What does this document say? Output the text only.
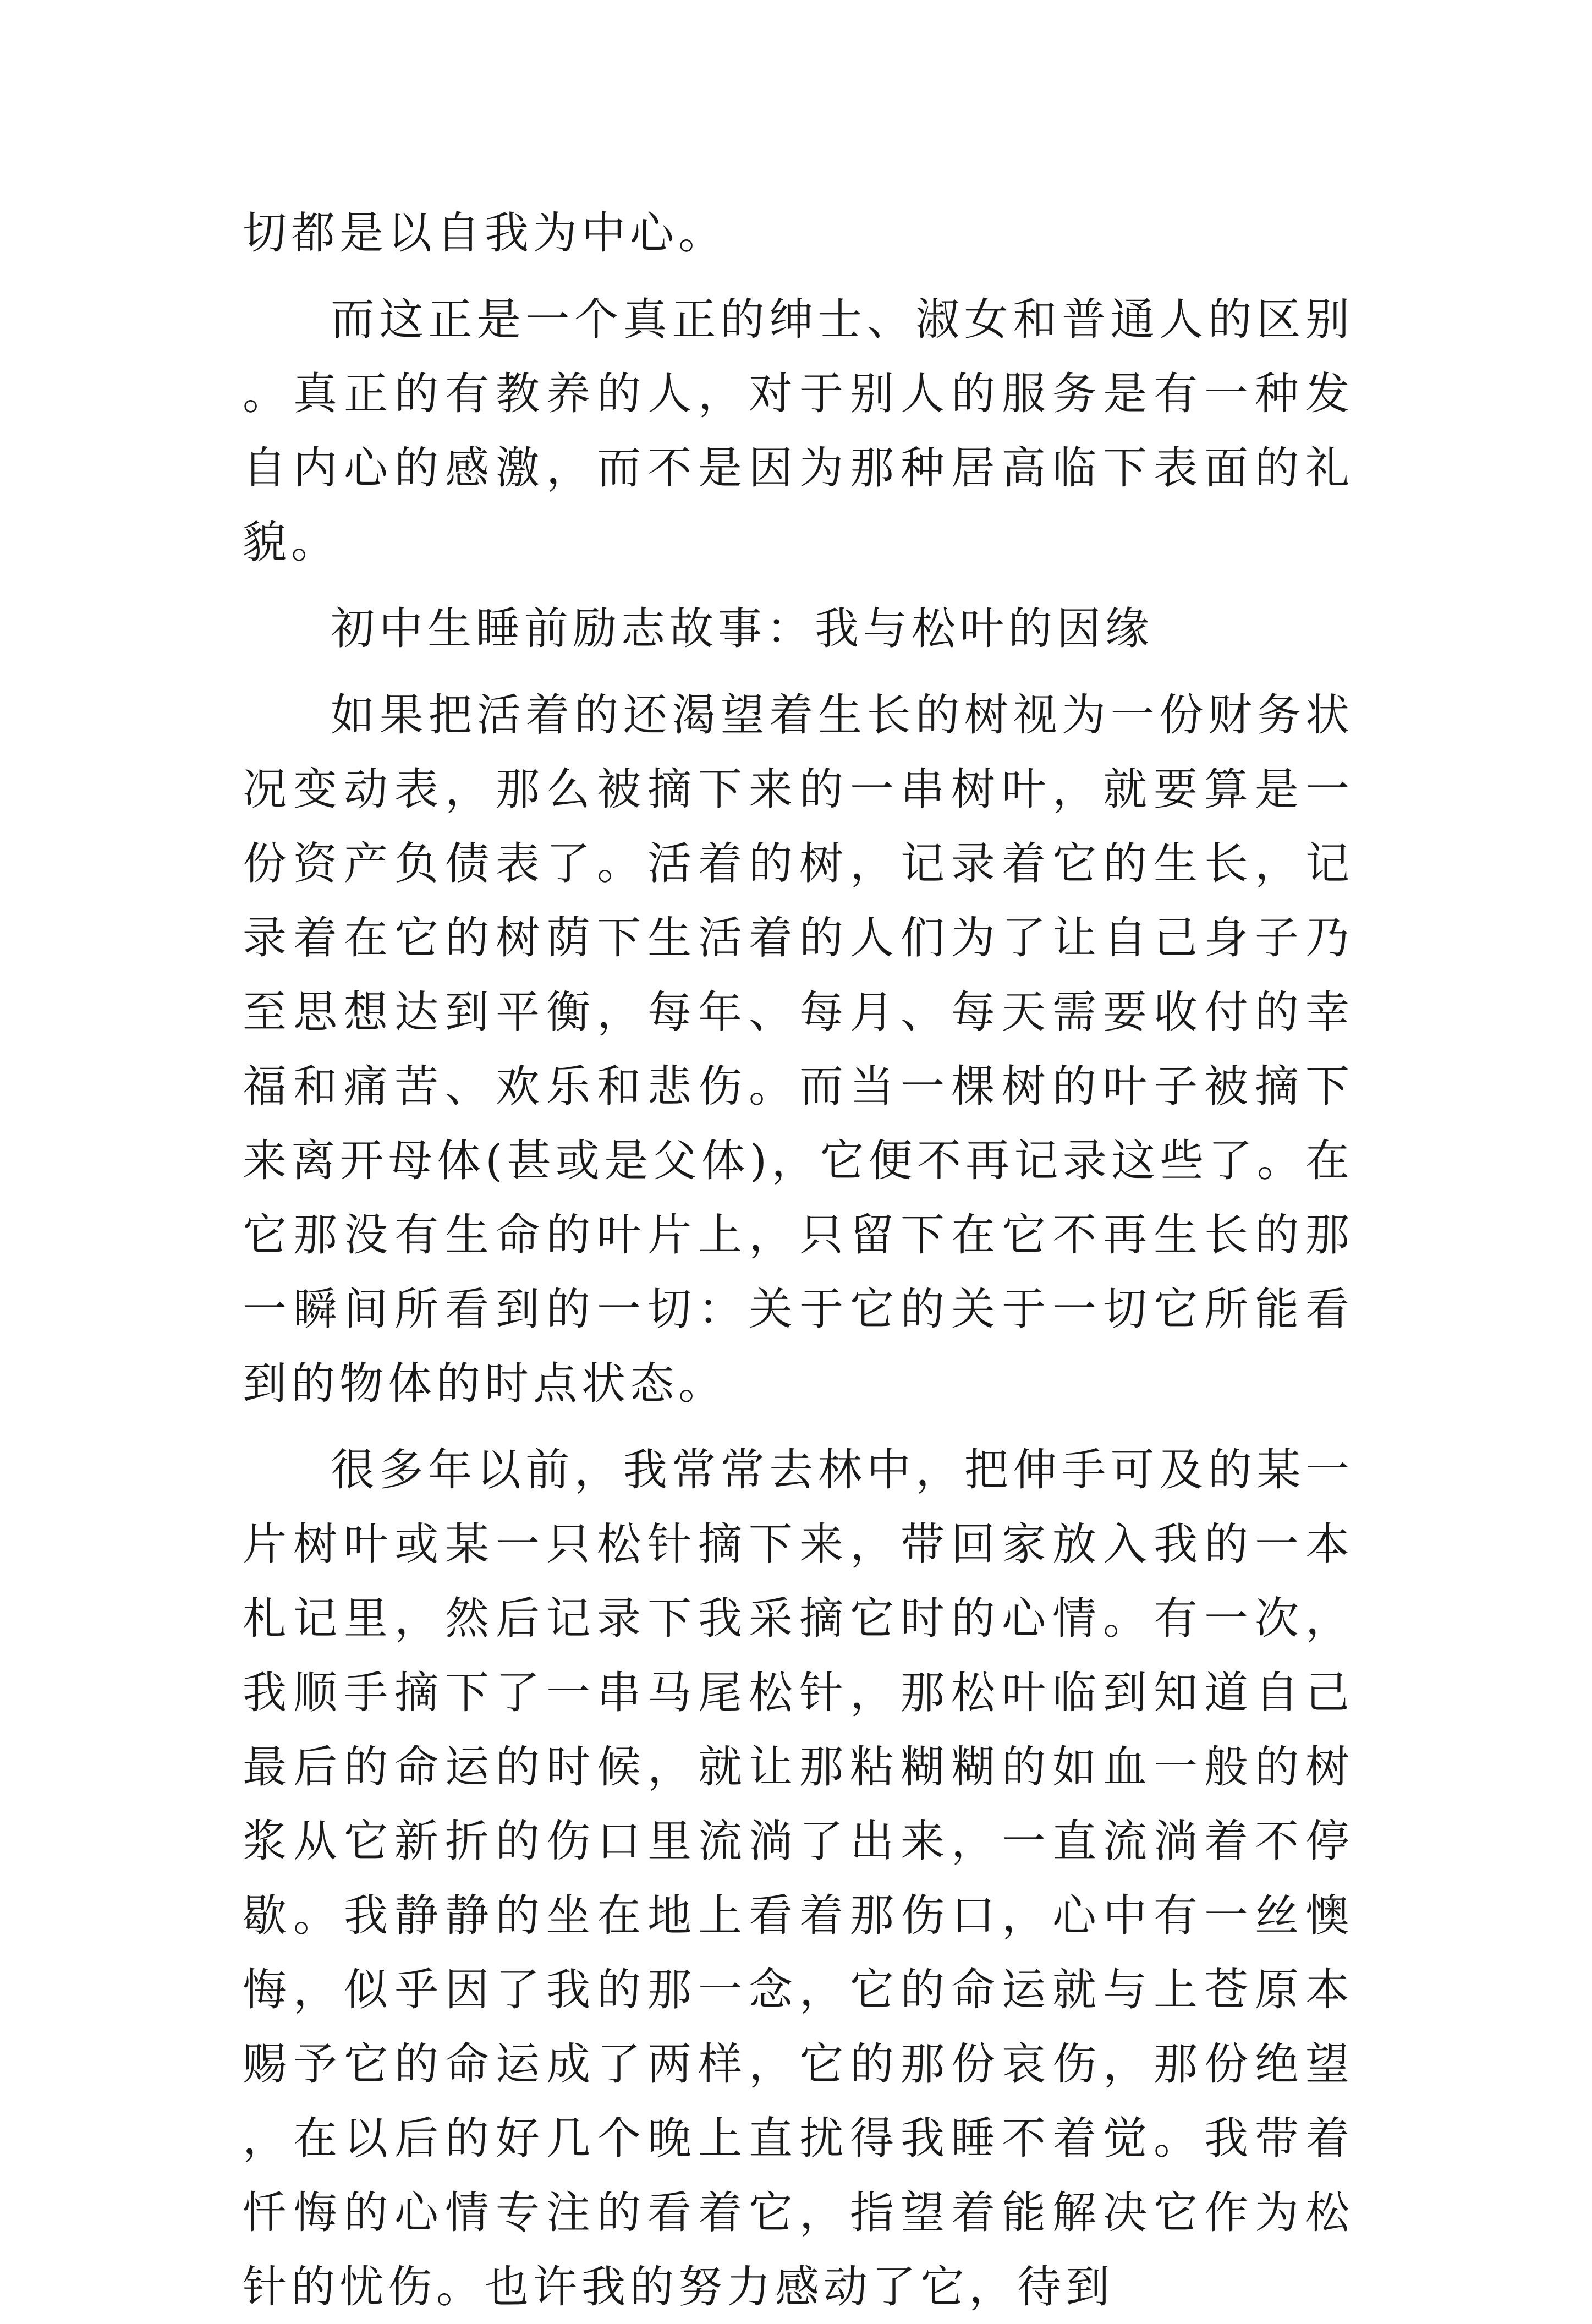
切都是以自我为中心。

而这正是一个真正的绅士、淑女和普通人的区别。真正的有教养的人，对于别人的服务是有一种发自内心的感激，而不是因为那种居高临下表面的礼貌。

初中生睡前励志故事：我与松叶的因缘

如果把活着的还渴望着生长的树视为一份财务状况变动表，那么被摘下来的一串树叶，就要算是一份资产负债表了。活着的树，记录着它的生长，记录着在它的树荫下生活着的人们为了让自己身子乃至思想达到平衡，每年、每月、每天需要收付的幸福和痛苦、欢乐和悲伤。而当一棵树的叶子被摘下来离开母体(甚或是父体)，它便不再记录这些了。在它那没有生命的叶片上，只留下在它不再生长的那一瞬间所看到的一切：关于它的关于一切它所能看到的物体的时点状态。

很多年以前，我常常去林中，把伸手可及的某一片树叶或某一只松针摘下来，带回家放入我的一本札记里，然后记录下我采摘它时的心情。有一次，我顺手摘下了一串马尾松针，那松叶临到知道自己最后的命运的时候，就让那粘糊糊的如血一般的树浆从它新折的伤口里流淌了出来，一直流淌着不停歇。我静静的坐在地上看着那伤口，心中有一丝懊悔，似乎因了我的那一念，它的命运就与上苍原本赐予它的命运成了两样，它的那份哀伤，那份绝望，在以后的好几个晚上直扰得我睡不着觉。我带着忏悔的心情专注的看着它，指望着能解决它作为松针的忧伤。也许我的努力感动了它，待到
